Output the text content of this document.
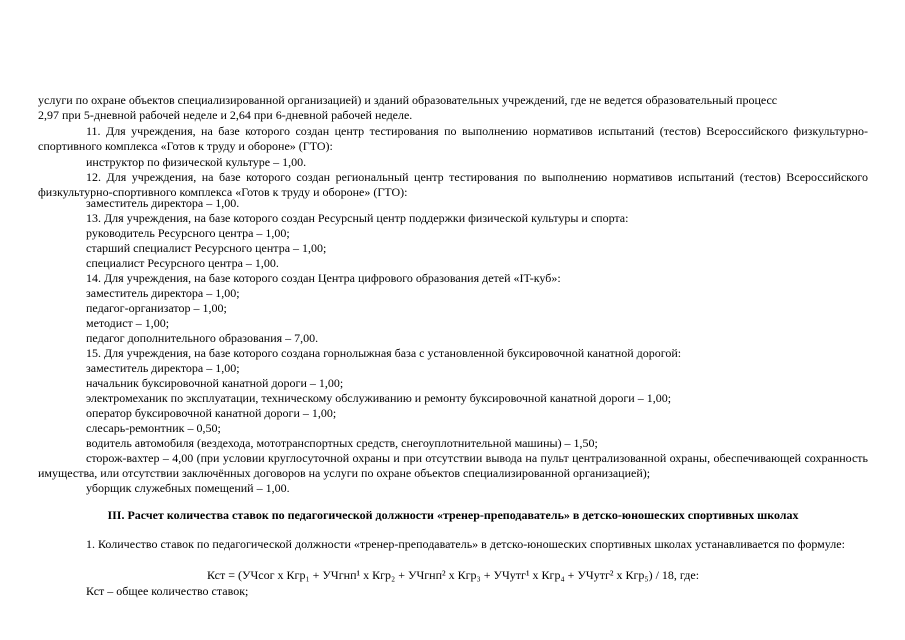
услуги по охране объектов специализированной организацией) и зданий образовательных учреждений, где не ведется образовательный процесс
2,97 при 5-дневной рабочей неделе и 2,64 при 6-дневной рабочей неделе.
11. Для учреждения, на базе которого создан центр тестирования по выполнению нормативов испытаний (тестов) Всероссийского физкультурно-спортивного комплекса «Готов к труду и обороне» (ГТО):
инструктор по физической культуре – 1,00.
12. Для учреждения, на базе которого создан региональный центр тестирования по выполнению нормативов испытаний (тестов) Всероссийского физкультурно-спортивного комплекса «Готов к труду и обороне» (ГТО):
заместитель директора – 1,00.
13. Для учреждения, на базе которого создан Ресурсный центр поддержки физической культуры и спорта:
руководитель Ресурсного центра – 1,00;
старший специалист Ресурсного центра – 1,00;
специалист Ресурсного центра – 1,00.
14. Для учреждения, на базе которого создан Центра цифрового образования детей «IT-куб»:
заместитель директора – 1,00;
педагог-организатор – 1,00;
методист – 1,00;
педагог дополнительного образования – 7,00.
15. Для учреждения, на базе которого создана горнолыжная база с установленной буксировочной канатной дорогой:
заместитель директора – 1,00;
начальник буксировочной канатной дороги – 1,00;
электромеханик по эксплуатации, техническому обслуживанию и ремонту буксировочной канатной дороги – 1,00;
оператор буксировочной канатной дороги – 1,00;
слесарь-ремонтник – 0,50;
водитель автомобиля (вездехода, мототранспортных средств, снегоуплотнительной машины) – 1,50;
сторож-вахтер – 4,00 (при условии круглосуточной охраны и при отсутствии вывода на пульт централизованной охраны, обеспечивающей сохранность имущества, или отсутствии заключённых договоров на услуги по охране объектов специализированной организацией);
уборщик служебных помещений – 1,00.
III. Расчет количества ставок по педагогической должности «тренер-преподаватель» в детско-юношеских спортивных школах
1. Количество ставок по педагогической должности «тренер-преподаватель» в детско-юношеских спортивных школах устанавливается по формуле:
Кст = (УЧсог х Кгр₁ + УЧгнп¹ х Кгр₂ + УЧгнп² х Кгр₃ + УЧутг¹ х Кгр₄ + УЧутг² х Кгр₅) / 18, где:
Кст – общее количество ставок;
